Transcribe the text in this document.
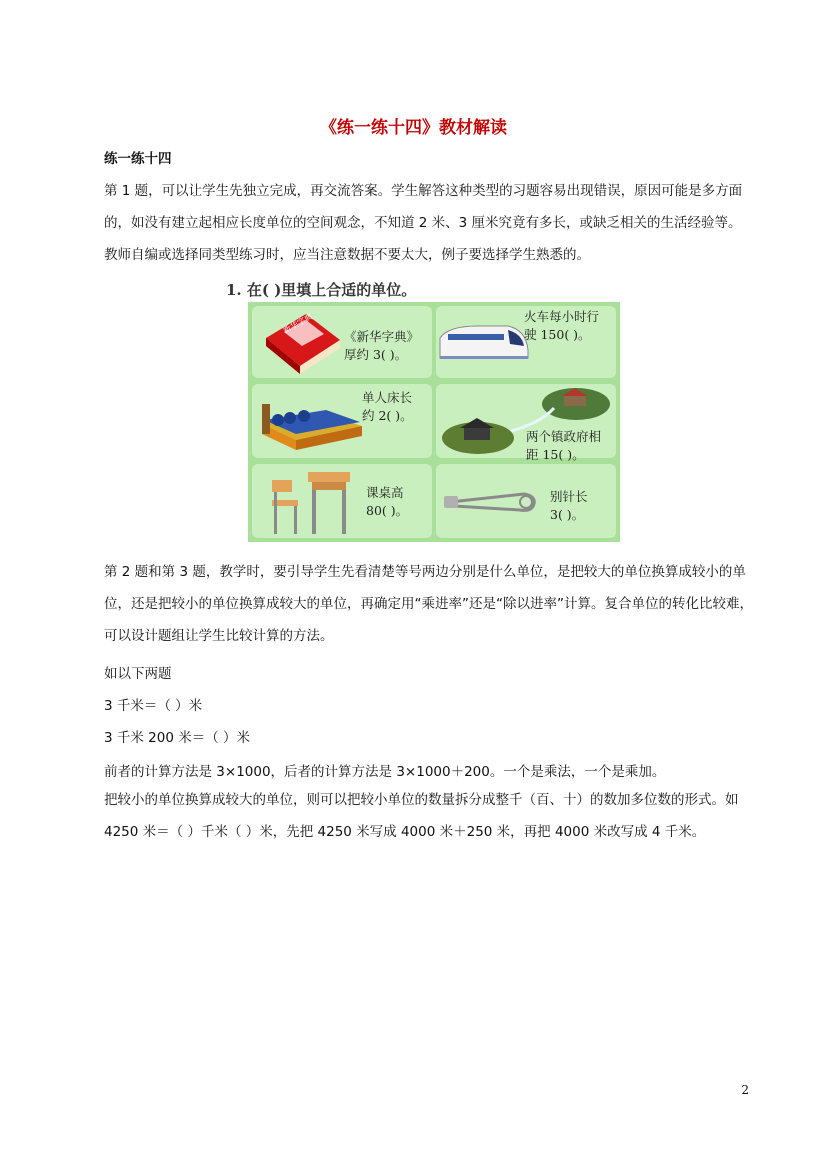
《练一练十四》教材解读
练一练十四

第 1 题，可以让学生先独立完成，再交流答案。学生解答这种类型的习题容易出现错误，原因可能是多方面的，如没有建立起相应长度单位的空间观念，不知道 2 米、3 厘米究竟有多长，或缺乏相关的生活经验等。教师自编或选择同类型练习时，应当注意数据不要太大，例子要选择学生熟悉的。

1. 在( )里填上合适的单位。
新华字典
《新华字典》
厚约 3( )。
火车每小时行
驶 150( )。
单人床长
约 2( )。
两个镇政府相
距 15( )。
课桌高
80( )。
别针长
3( )。

第 2 题和第 3 题，教学时，要引导学生先看清楚等号两边分别是什么单位，是把较大的单位换算成较小的单位，还是把较小的单位换算成较大的单位，再确定用“乘进率”还是“除以进率”计算。复合单位的转化比较难，可以设计题组让学生比较计算的方法。

如以下两题
3 千米＝（ ）米
3 千米 200 米＝（ ）米
前者的计算方法是 3×1000，后者的计算方法是 3×1000＋200。一个是乘法，一个是乘加。

把较小的单位换算成较大的单位，则可以把较小单位的数量拆分成整千（百、十）的数加多位数的形式。如 4250 米＝（ ）千米（ ）米，先把 4250 米写成 4000 米＋250 米，再把 4000 米改写成 4 千米。

2
